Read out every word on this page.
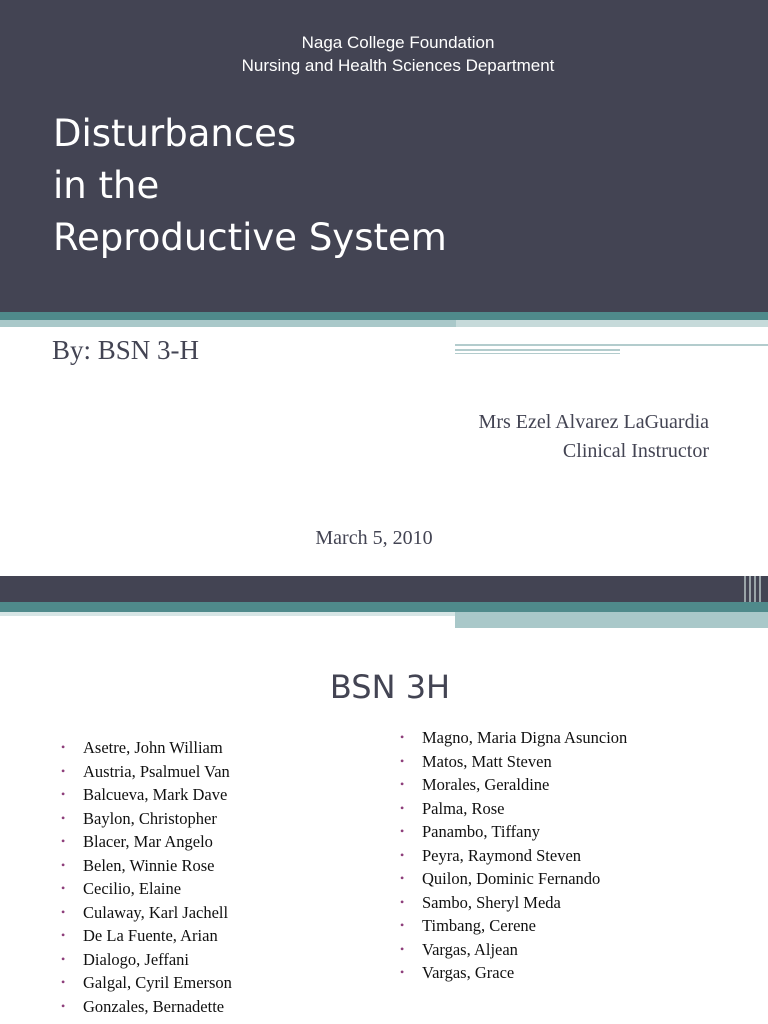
Naga College Foundation
Nursing and Health Sciences Department
Disturbances
in the
Reproductive System
By: BSN 3-H
Mrs Ezel Alvarez LaGuardia
Clinical Instructor
March 5, 2010
BSN 3H
• Asetre, John William
• Austria, Psalmuel Van
• Balcueva, Mark Dave
• Baylon, Christopher
• Blacer, Mar Angelo
• Belen, Winnie Rose
• Cecilio, Elaine
• Culaway, Karl Jachell
• De La Fuente, Arian
• Dialogo, Jeffani
• Galgal, Cyril Emerson
• Gonzales, Bernadette
• Magno, Maria Digna Asuncion
• Matos, Matt Steven
• Morales, Geraldine
• Palma, Rose
• Panambo, Tiffany
• Peyra, Raymond Steven
• Quilon, Dominic Fernando
• Sambo, Sheryl Meda
• Timbang, Cerene
• Vargas, Aljean
• Vargas, Grace
